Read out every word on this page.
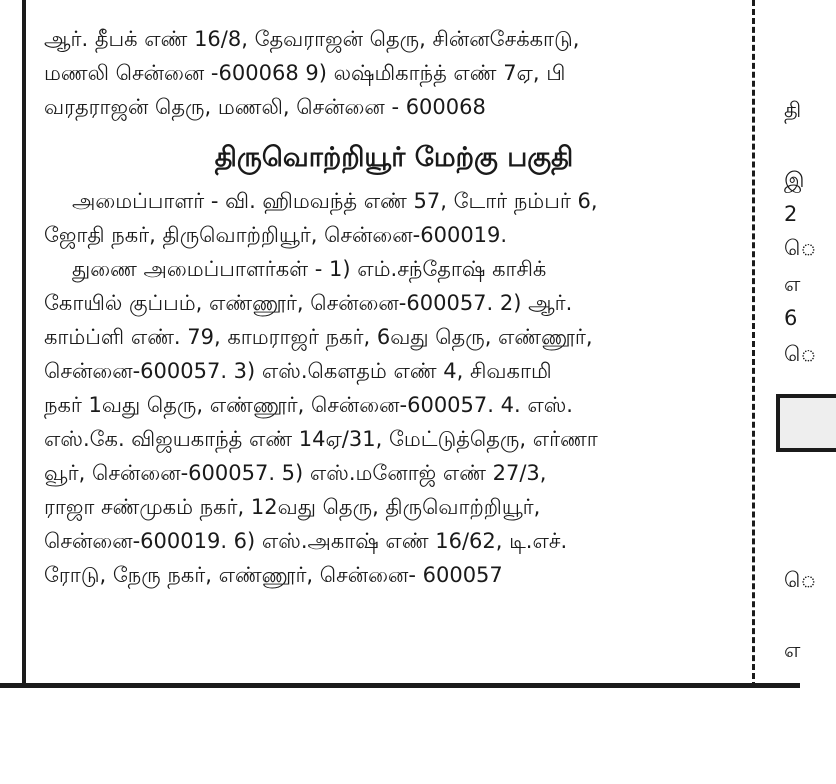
ஆர். தீபக் எண் 16/8, தேவராஜன் தெரு, சின்னசேக்காடு,
மணலி சென்னை -600068 9) லஷ்மிகாந்த் எண் 7ஏ, பி
வரதராஜன் தெரு, மணலி, சென்னை - 600068
திருவொற்றியூர் மேற்கு பகுதி
அமைப்பாளர் - வி. ஹிமவந்த் எண் 57, டோர் நம்பர் 6,
ஜோதி நகர், திருவொற்றியூர், சென்னை-600019.
துணை அமைப்பாளர்கள் - 1) எம்.சந்தோஷ் காசிக்
கோயில் குப்பம், எண்ணூர், சென்னை-600057. 2) ஆர்.
காம்ப்ளி எண். 79, காமராஜர் நகர், 6வது தெரு, எண்ணூர்,
சென்னை-600057. 3) எஸ்.கௌதம் எண் 4, சிவகாமி
நகர் 1வது தெரு, எண்ணூர், சென்னை-600057. 4. எஸ்.
எஸ்.கே. விஜயகாந்த் எண் 14ஏ/31, மேட்டுத்தெரு, எர்ணா
வூர், சென்னை-600057. 5) எஸ்.மனோஜ் எண் 27/3,
ராஜா சண்முகம் நகர், 12வது தெரு, திருவொற்றியூர்,
சென்னை-600019. 6) எஸ்.அகாஷ் எண் 16/62, டி.எச்.
ரோடு, நேரு நகர், எண்ணூர், சென்னை- 600057
தி
இ
2
ெ
எ
6
ெ
ெ
எ
